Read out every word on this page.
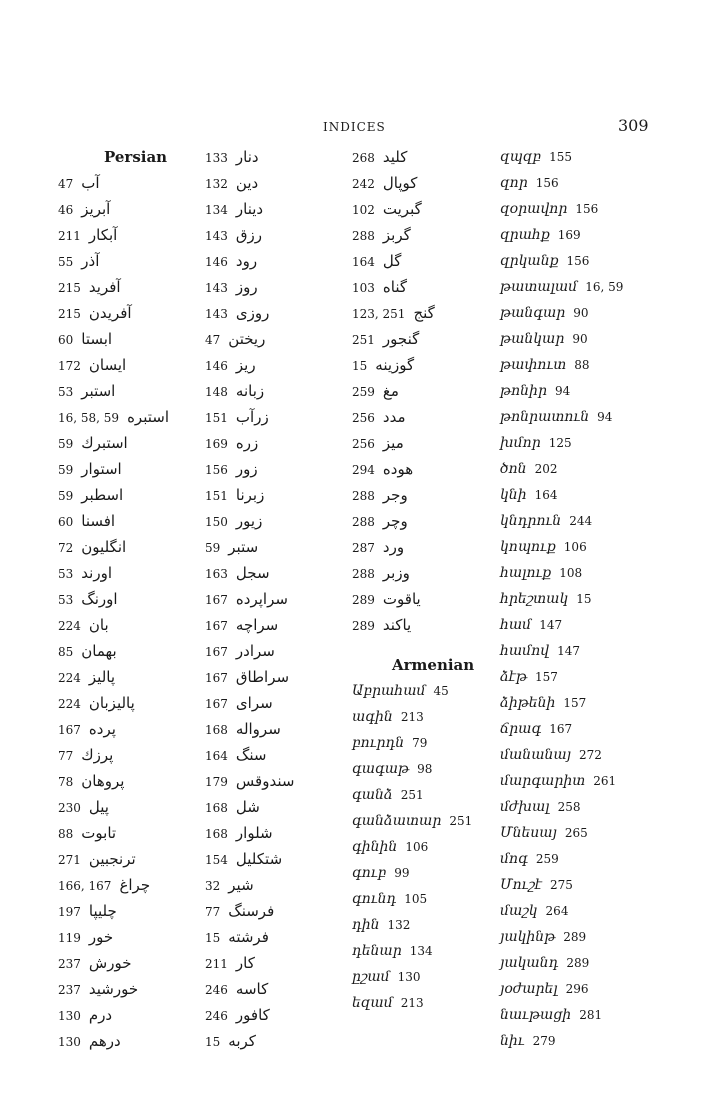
INDICES	309
Persian
47 آب
46 آبریز
211 آبکار
55 آذر
215 آفرید
215 آفریدن
60 ابستا
172 ایسان
53 استبر
16, 58, 59 استبره
59 استبرك
59 استوار
59 اسطبر
60 افسنا
72 انگلیون
53 اورند
53 اورنگ
224 بان
85 بهمان
224 پالیز
224 پالیزبان
167 پرده
77 پرزك
78 پروهان
230 پیل
88 تابوت
271 ترنجبین
166, 167 چراغ
197 چلیپا
119 خور
237 خورش
237 خورشید
130 درم
130 درهم
133 دنار
132 دین
134 دینار
143 رزق
146 رود
143 روز
143 روزی
47 ریختن
146 ریز
148 زبانه
151 زرآب
169 زره
156 زور
151 زبرنا
150 زیور
59 ستبر
163 سجل
167 سراپرده
167 سراچه
167 سرادر
167 سراطاق
167 سرای
168 سرواله
164 سنگ
179 سندوقس
168 شل
168 شلوار
154 شتکلیل
32 شیر
77 فرسنگ
15 فرشته
211 کار
246 کاسه
246 کافور
15 کربه
268 کلید
242 کوپال
102 گبریت
288 گربز
164 گل
103 گناه
123, 251 گنج
251 گنجور
15 گوزینه
259 مغ
256 مدد
256 میز
294 هوده
288 وجر
288 وچر
287 ورد
288 وزبر
289 یاقوت
289 یاکند
Armenian
Աբրահամ 45
ագին 213
բուրդն 79
գագաթ 98
գանձ 251
գանձատար 251
գինին 106
գուբ 99
գունդ 105
դին 132
դենար 134
ըշամ 130
եզամ 213
զպզբ 155
զոր 156
զօրավոր 156
զրահք 169
զրկանք 156
թատալամ 16, 59
թանգար 90
թանկար 90
թափուտ 88
թոնիր 94
թոնրատուն 94
խմոր 125
ծոն 202
կնի 164
կնդրուն 244
կոպուք 106
հալուք 108
հրեշտակ 15
համ 147
համով 147
ձէթ 157
ձիթենի 157
ճրագ 167
մանանայ 272
մարգարիտ 261
մժխալ 258
Մնեսայ 265
մոգ 259
Մուշէ 275
մաշկ 264
յակինթ 289
յականդ 289
յօժարել 296
նաւթացի 281
նիւ 279
